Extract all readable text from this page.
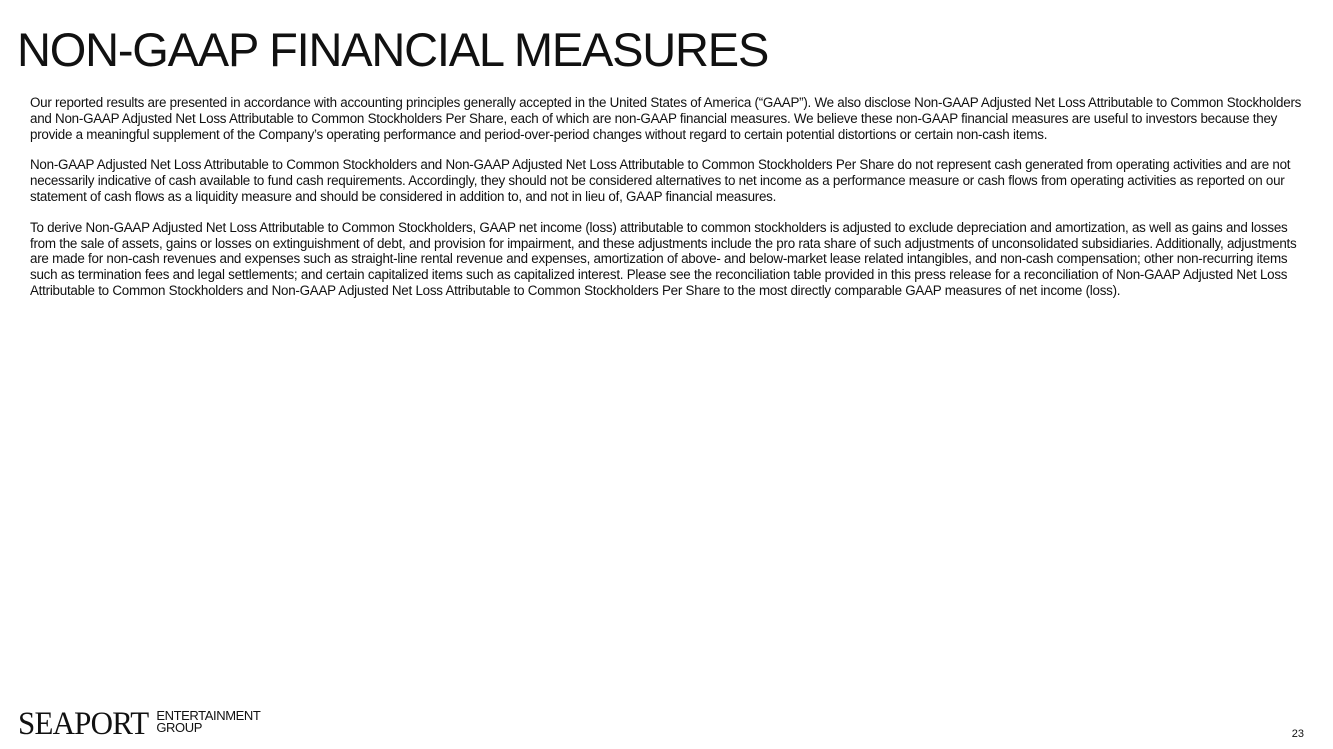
NON-GAAP FINANCIAL MEASURES

Our reported results are presented in accordance with accounting principles generally accepted in the United States of America (“GAAP”). We also disclose Non-GAAP Adjusted Net Loss Attributable to Common Stockholders and Non-GAAP Adjusted Net Loss Attributable to Common Stockholders Per Share, each of which are non-GAAP financial measures. We believe these non-GAAP financial measures are useful to investors because they provide a meaningful supplement of the Company’s operating performance and period-over-period changes without regard to certain potential distortions or certain non-cash items.

Non-GAAP Adjusted Net Loss Attributable to Common Stockholders and Non-GAAP Adjusted Net Loss Attributable to Common Stockholders Per Share do not represent cash generated from operating activities and are not necessarily indicative of cash available to fund cash requirements. Accordingly, they should not be considered alternatives to net income as a performance measure or cash flows from operating activities as reported on our statement of cash flows as a liquidity measure and should be considered in addition to, and not in lieu of, GAAP financial measures.

To derive Non-GAAP Adjusted Net Loss Attributable to Common Stockholders, GAAP net income (loss) attributable to common stockholders is adjusted to exclude depreciation and amortization, as well as gains and losses from the sale of assets, gains or losses on extinguishment of debt, and provision for impairment, and these adjustments include the pro rata share of such adjustments of unconsolidated subsidiaries. Additionally, adjustments are made for non-cash revenues and expenses such as straight-line rental revenue and expenses, amortization of above- and below-market lease related intangibles, and non-cash compensation; other non-recurring items such as termination fees and legal settlements; and certain capitalized items such as capitalized interest. Please see the reconciliation table provided in this press release for a reconciliation of Non-GAAP Adjusted Net Loss Attributable to Common Stockholders and Non-GAAP Adjusted Net Loss Attributable to Common Stockholders Per Share to the most directly comparable GAAP measures of net income (loss).

SEAPORT ENTERTAINMENT
GROUP	23
